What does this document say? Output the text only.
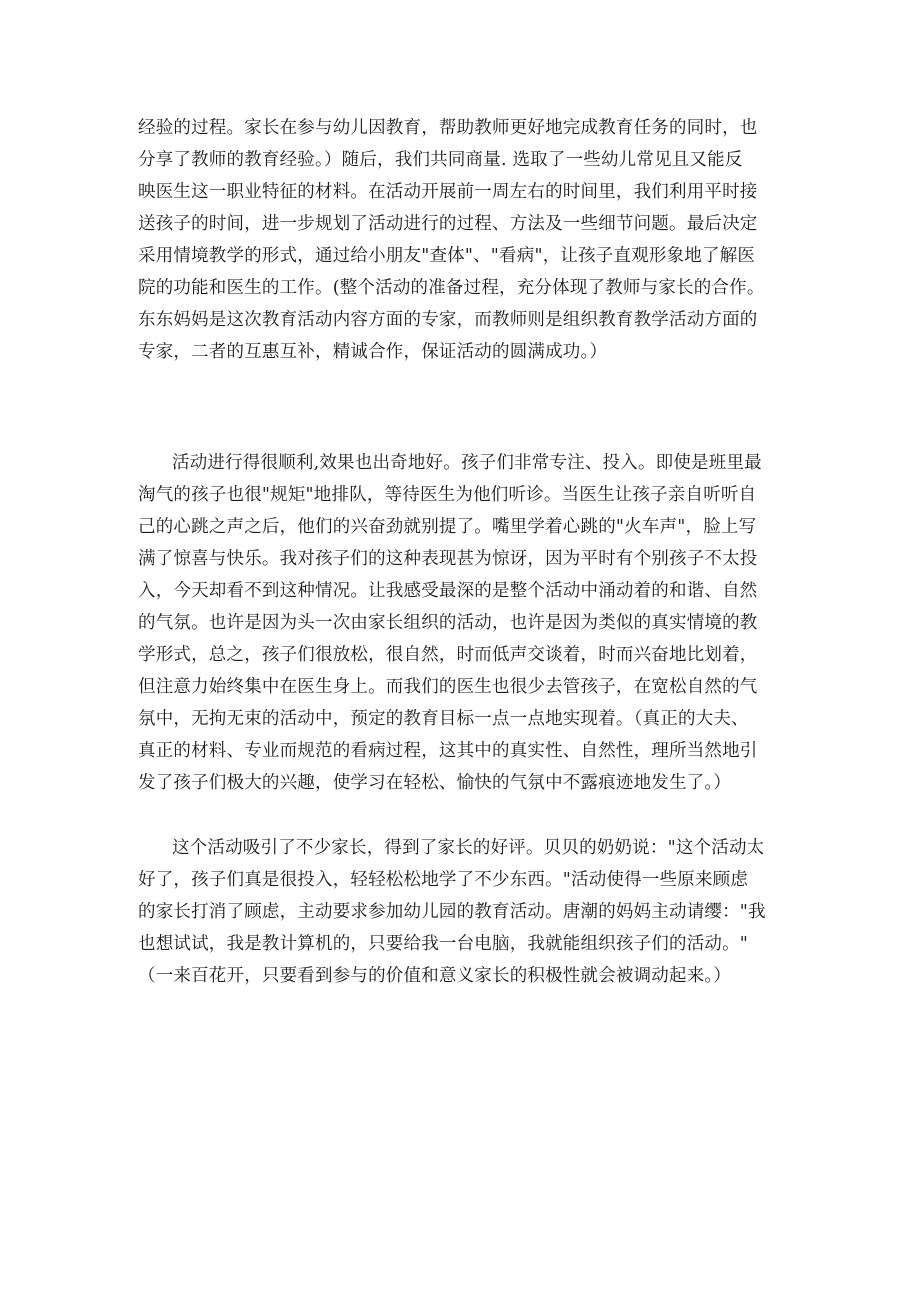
经验的过程。家长在参与幼儿因教育，帮助教师更好地完成教育任务的同时，也
分享了教师的教育经验。）随后，我们共同商量. 选取了一些幼儿常见且又能反
映医生这一职业特征的材料。在活动开展前一周左右的时间里，我们利用平时接
送孩子的时间，进一步规划了活动进行的过程、方法及一些细节问题。最后决定
采用情境教学的形式，通过给小朋友"查体"、"看病"，让孩子直观形象地了解医
院的功能和医生的工作。(整个活动的准备过程，充分体现了教师与家长的合作。
东东妈妈是这次教育活动内容方面的专家，而教师则是组织教育教学活动方面的
专家，二者的互惠互补，精诚合作，保证活动的圆满成功。）

活动进行得很顺利,效果也出奇地好。孩子们非常专注、投入。即使是班里最
淘气的孩子也很"规矩"地排队，等待医生为他们听诊。当医生让孩子亲自听听自
己的心跳之声之后，他们的兴奋劲就别提了。嘴里学着心跳的"火车声"，脸上写
满了惊喜与快乐。我对孩子们的这种表现甚为惊讶，因为平时有个别孩子不太投
入，今天却看不到这种情况。让我感受最深的是整个活动中涌动着的和谐、自然
的气氛。也许是因为头一次由家长组织的活动，也许是因为类似的真实情境的教
学形式，总之，孩子们很放松，很自然，时而低声交谈着，时而兴奋地比划着，
但注意力始终集中在医生身上。而我们的医生也很少去管孩子，在宽松自然的气
氛中，无拘无束的活动中，预定的教育目标一点一点地实现着。（真正的大夫、
真正的材料、专业而规范的看病过程，这其中的真实性、自然性，理所当然地引
发了孩子们极大的兴趣，使学习在轻松、愉快的气氛中不露痕迹地发生了。）

这个活动吸引了不少家长，得到了家长的好评。贝贝的奶奶说："这个活动太
好了，孩子们真是很投入，轻轻松松地学了不少东西。"活动使得一些原来顾虑
的家长打消了顾虑，主动要求参加幼儿园的教育活动。唐潮的妈妈主动请缨："我
也想试试，我是教计算机的，只要给我一台电脑，我就能组织孩子们的活动。"
（一来百花开，只要看到参与的价值和意义家长的积极性就会被调动起来。）
